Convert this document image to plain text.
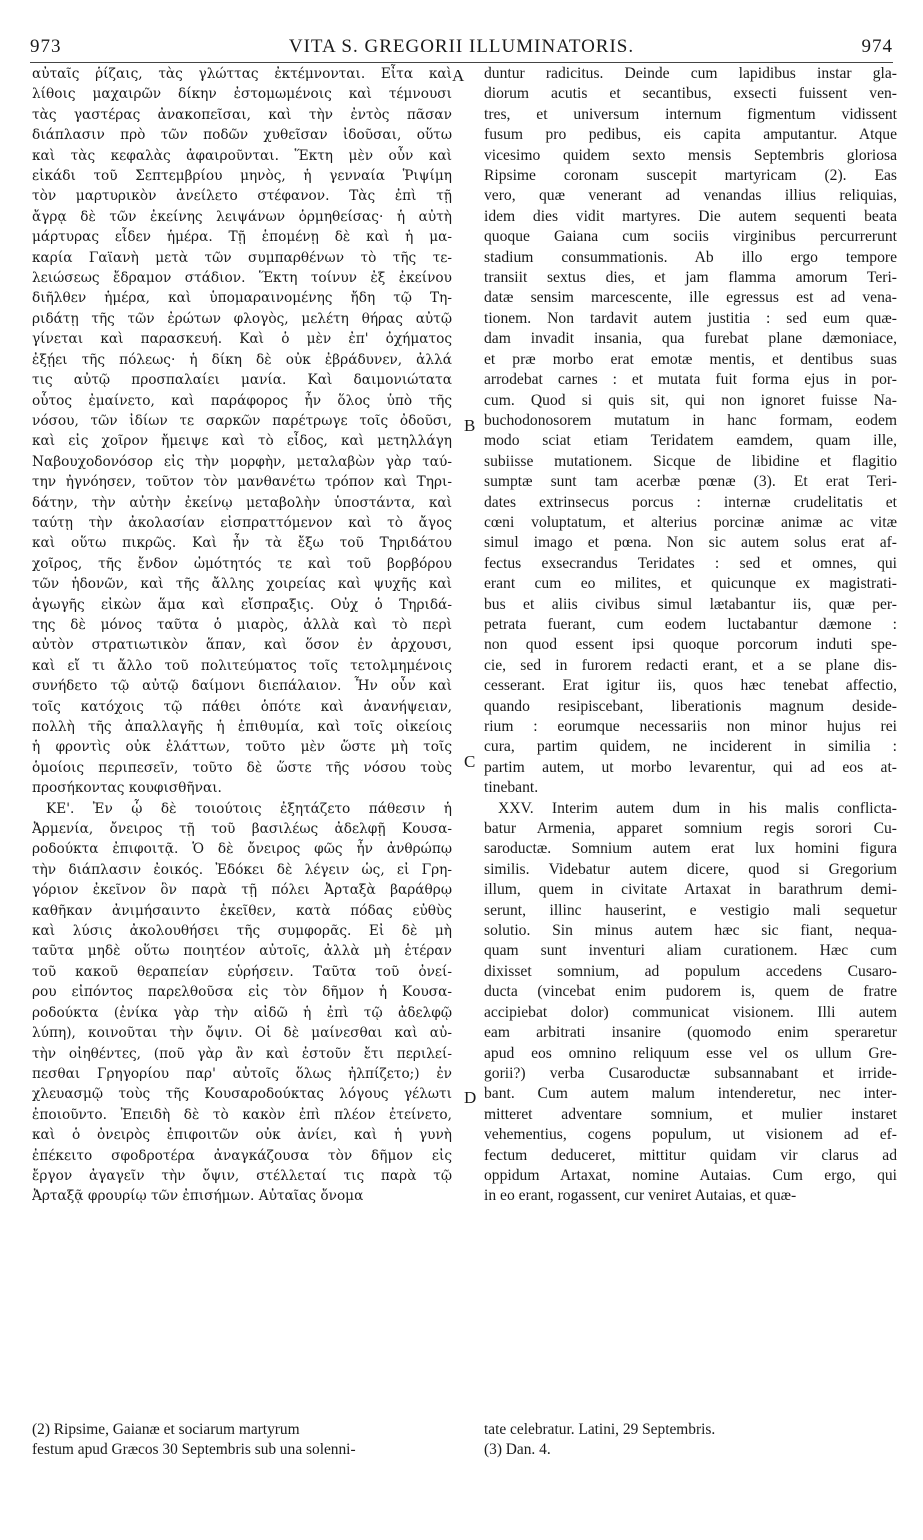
973	VITA S. GREGORII ILLUMINATORIS.	974
αὐταῖς ῥίζαις, τὰς γλώττας ἐκτέμνονται. Εἶτα καὶ
λίθοις μαχαιρῶν δίκην ἐστομωμένοις καὶ τέμνουσι
τὰς γαστέρας ἀνακοπεῖσαι, καὶ τὴν ἐντὸς πᾶσαν
διάπλασιν πρὸ τῶν ποδῶν χυθεῖσαν ἰδοῦσαι, οὕτω
καὶ τὰς κεφαλὰς ἀφαιροῦνται. Ἕκτη μὲν οὖν καὶ
εἰκάδι τοῦ Σεπτεμβρίου μηνὸς, ἡ γενναία Ῥιψίμη
τὸν μαρτυρικὸν ἀνείλετο στέφανον. Τὰς ἐπὶ τῇ
ἄγρᾳ δὲ τῶν ἐκείνης λειψάνων ὁρμηθείσας· ἡ αὐτὴ
μάρτυρας εἶδεν ἡμέρα. Τῇ ἑπομένῃ δὲ καὶ ἡ μα-
καρία Γαϊανὴ μετὰ τῶν συμπαρθένων τὸ τῆς τε-
λειώσεως ἔδραμον στάδιον. Ἕκτη τοίνυν ἐξ ἐκείνου
διῆλθεν ἡμέρα, καὶ ὑπομαραινομένης ἤδη τῷ Τη-
ριδάτῃ τῆς τῶν ἐρώτων φλογὸς, μελέτη θήρας αὐτῷ
γίνεται καὶ παρασκευή. Καὶ ὁ μὲν ἐπ' ὀχήματος
ἐξῄει τῆς πόλεως· ἡ δίκη δὲ οὐκ ἐβράδυνεν, ἀλλά
τις αὐτῷ προσπαλαίει μανία. Καὶ δαιμονιώτατα
οὗτος ἐμαίνετο, καὶ παράφορος ἦν ὅλος ὑπὸ τῆς
νόσου, τῶν ἰδίων τε σαρκῶν παρέτρωγε τοῖς ὀδοῦσι,
καὶ εἰς χοῖρον ἤμειψε καὶ τὸ εἶδος, καὶ μετηλλάγη
Ναβουχοδονόσορ εἰς τὴν μορφὴν, μεταλαβὼν γὰρ ταύ-
την ἠγνόησεν, τοῦτον τὸν μανθανέτω τρόπον καὶ Τηρι-
δάτην, τὴν αὐτὴν ἐκείνῳ μεταβολὴν ὑποστάντα, καὶ
ταύτῃ τὴν ἀκολασίαν εἰσπραττόμενον καὶ τὸ ἄγος
καὶ οὕτω πικρῶς. Καὶ ἦν τὰ ἔξω τοῦ Τηριδάτου
χοῖρος, τῆς ἔνδον ὠμότητός τε καὶ τοῦ βορβόρου
τῶν ἡδονῶν, καὶ τῆς ἄλλης χοιρείας καὶ ψυχῆς καὶ
ἀγωγῆς εἰκὼν ἅμα καὶ εἴσπραξις. Οὐχ ὁ Τηριδά-
της δὲ μόνος ταῦτα ὁ μιαρὸς, ἀλλὰ καὶ τὸ περὶ
αὐτὸν στρατιωτικὸν ἅπαν, καὶ ὅσον ἐν ἀρχουσι,
καὶ εἴ τι ἄλλο τοῦ πολιτεύματος τοῖς τετολμημένοις
συνήδετο τῷ αὐτῷ δαίμονι διεπάλαιον. Ἦν οὖν καὶ
τοῖς κατόχοις τῷ πάθει ὁπότε καὶ ἀνανήψειαν,
πολλὴ τῆς ἀπαλλαγῆς ἡ ἐπιθυμία, καὶ τοῖς οἰκείοις
ἡ φροντὶς οὐκ ἐλάττων, τοῦτο μὲν ὥστε μὴ τοῖς
ὁμοίοις περιπεσεῖν, τοῦτο δὲ ὥστε τῆς νόσου τοὺς
προσήκοντας κουφισθῆναι.
ΚΕ'. Ἐν ᾧ δὲ τοιούτοις ἐξητάζετο πάθεσιν ἡ
Ἀρμενία, ὄνειρος τῇ τοῦ βασιλέως ἀδελφῇ Κουσα-
ροδούκτα ἐπιφοιτᾷ. Ὁ δὲ ὄνειρος φῶς ἦν ἀνθρώπῳ
τὴν διάπλασιν ἐοικός. Ἐδόκει δὲ λέγειν ὡς, εἰ Γρη-
γόριον ἐκεῖνον ὃν παρὰ τῇ πόλει Ἀρταξὰ βαράθρῳ
καθῆκαν ἀνιμήσαιντο ἐκεῖθεν, κατὰ πόδας εὐθὺς
καὶ λύσις ἀκολουθήσει τῆς συμφορᾶς. Εἰ δὲ μὴ
ταῦτα μηδὲ οὕτω ποιητέον αὐτοῖς, ἀλλὰ μὴ ἑτέραν
τοῦ κακοῦ θεραπείαν εὑρήσειν. Ταῦτα τοῦ ὀνεί-
ρου εἰπόντος παρελθοῦσα εἰς τὸν δῆμον ἡ Κουσα-
ροδούκτα (ἐνίκα γὰρ τὴν αἰδῶ ἡ ἐπὶ τῷ ἀδελφῷ
λύπη), κοινοῦται τὴν ὄψιν. Οἱ δὲ μαίνεσθαι καὶ αὐ-
τὴν οἰηθέντες, (ποῦ γὰρ ἂν καὶ ἐστοῦν ἔτι περιλεί-
πεσθαι Γρηγορίου παρ' αὐτοῖς ὅλως ἠλπίζετο;) ἐν
χλευασμῷ τοὺς τῆς Κουσαροδούκτας λόγους γέλωτι
ἐποιοῦντο. Ἐπειδὴ δὲ τὸ κακὸν ἐπὶ πλέον ἐτείνετο,
καὶ ὁ ὀνειρὸς ἐπιφοιτῶν οὐκ ἀνίει, καὶ ἡ γυνὴ
ἐπέκειτο σφοδροτέρα ἀναγκάζουσα τὸν δῆμον εἰς
ἔργον ἀγαγεῖν τὴν ὄψιν, στέλλεταί τις παρὰ τῷ
Ἀρταξᾷ φρουρίῳ τῶν ἐπισήμων. Αὐταῖας ὄνομα
duntur radicitus. Deinde cum lapidibus instar gla-
diorum acutis et secantibus, exsecti fuissent ven-
tres, et universum internum figmentum vidissent
fusum pro pedibus, eis capita amputantur. Atque
vicesimo quidem sexto mensis Septembris gloriosa
Ripsime coronam suscepit martyricam (2). Eas
vero, quæ venerant ad venandas illius reliquias,
idem dies vidit martyres. Die autem sequenti beata
quoque Gaiana cum sociis virginibus percurrerunt
stadium consummationis. Ab illo ergo tempore
transiit sextus dies, et jam flamma amorum Teri-
datæ sensim marcescente, ille egressus est ad vena-
tionem. Non tardavit autem justitia : sed eum quæ-
dam invadit insania, qua furebat plane dæmoniace,
et præ morbo erat emotæ mentis, et dentibus suas
arrodebat carnes : et mutata fuit forma ejus in por-
cum. Quod si quis sit, qui non ignoret fuisse Na-
buchodonosorem mutatum in hanc formam, eodem
modo sciat etiam Teridatem eamdem, quam ille,
subiisse mutationem. Sicque de libidine et flagitio
sumptæ sunt tam acerbæ pœnæ (3). Et erat Teri-
dates extrinsecus porcus : internæ crudelitatis et
cœni voluptatum, et alterius porcinæ animæ ac vitæ
simul imago et pœna. Non sic autem solus erat af-
fectus exsecrandus Teridates : sed et omnes, qui
erant cum eo milites, et quicunque ex magistrati-
bus et aliis civibus simul lætabantur iis, quæ per-
petrata fuerant, cum eodem luctabantur dæmone :
non quod essent ipsi quoque porcorum induti spe-
cie, sed in furorem redacti erant, et a se plane dis-
cesserant. Erat igitur iis, quos hæc tenebat affectio,
quando resipiscebant, liberationis magnum deside-
rium : eorumque necessariis non minor hujus rei
cura, partim quidem, ne inciderent in similia :
partim autem, ut morbo levarentur, qui ad eos at-
tinebant.
XXV. Interim autem dum in his malis conflicta-
batur Armenia, apparet somnium regis sorori Cu-
saroductæ. Somnium autem erat lux homini figura
similis. Videbatur autem dicere, quod si Gregorium
illum, quem in civitate Artaxat in barathrum demi-
serunt, illinc hauserint, e vestigio mali sequetur
solutio. Sin minus autem hæc sic fiant, nequa-
quam sunt inventuri aliam curationem. Hæc cum
dixisset somnium, ad populum accedens Cusaro-
ducta (vincebat enim pudorem is, quem de fratre
accipiebat dolor) communicat visionem. Illi autem
eam arbitrati insanire (quomodo enim speraretur
apud eos omnino reliquum esse vel os ullum Gre-
gorii?) verba Cusaroductæ subsannabant et irride-
bant. Cum autem malum intenderetur, nec inter-
mitteret adventare somnium, et mulier instaret
vehementius, cogens populum, ut visionem ad ef-
fectum deduceret, mittitur quidam vir clarus ad
oppidum Artaxat, nomine Autaias. Cum ergo, qui
in eo erant, rogassent, cur veniret Autaias, et quæ-
A
B
C
D
(2) Ripsime, Gaianæ et sociarum martyrum
festum apud Græcos 30 Septembris sub una solenni-
tate celebratur. Latini, 29 Septembris.
(3) Dan. 4.
